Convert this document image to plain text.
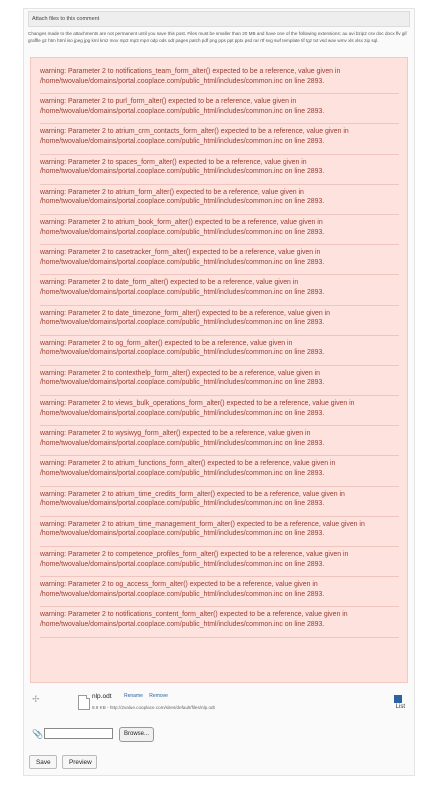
Attach files to this comment
Changes made to the attachments are not permanent until you save this post. Files must be smaller than 20 MB and have one of the following extensions: au avi bzip2 csv doc docx flv gif graffle gz htm html iso jpeg jpg kml kmz mov mp2 mp3 mp4 odp ods odt pages patch pdf png pps ppt pptx psd rar rtf svg swf template tif tgz txt vsd wav wmv xls xlsx zip sql.
warning: Parameter 2 to notifications_team_form_alter() expected to be a reference, value given in /home/twovalue/domains/portal.cooplace.com/public_html/includes/common.inc on line 2893.
warning: Parameter 2 to purl_form_alter() expected to be a reference, value given in /home/twovalue/domains/portal.cooplace.com/public_html/includes/common.inc on line 2893.
warning: Parameter 2 to atrium_crm_contacts_form_alter() expected to be a reference, value given in /home/twovalue/domains/portal.cooplace.com/public_html/includes/common.inc on line 2893.
warning: Parameter 2 to spaces_form_alter() expected to be a reference, value given in /home/twovalue/domains/portal.cooplace.com/public_html/includes/common.inc on line 2893.
warning: Parameter 2 to atrium_form_alter() expected to be a reference, value given in /home/twovalue/domains/portal.cooplace.com/public_html/includes/common.inc on line 2893.
warning: Parameter 2 to atrium_book_form_alter() expected to be a reference, value given in /home/twovalue/domains/portal.cooplace.com/public_html/includes/common.inc on line 2893.
warning: Parameter 2 to casetracker_form_alter() expected to be a reference, value given in /home/twovalue/domains/portal.cooplace.com/public_html/includes/common.inc on line 2893.
warning: Parameter 2 to date_form_alter() expected to be a reference, value given in /home/twovalue/domains/portal.cooplace.com/public_html/includes/common.inc on line 2893.
warning: Parameter 2 to date_timezone_form_alter() expected to be a reference, value given in /home/twovalue/domains/portal.cooplace.com/public_html/includes/common.inc on line 2893.
warning: Parameter 2 to og_form_alter() expected to be a reference, value given in /home/twovalue/domains/portal.cooplace.com/public_html/includes/common.inc on line 2893.
warning: Parameter 2 to contexthelp_form_alter() expected to be a reference, value given in /home/twovalue/domains/portal.cooplace.com/public_html/includes/common.inc on line 2893.
warning: Parameter 2 to views_bulk_operations_form_alter() expected to be a reference, value given in /home/twovalue/domains/portal.cooplace.com/public_html/includes/common.inc on line 2893.
warning: Parameter 2 to wysiwyg_form_alter() expected to be a reference, value given in /home/twovalue/domains/portal.cooplace.com/public_html/includes/common.inc on line 2893.
warning: Parameter 2 to atrium_functions_form_alter() expected to be a reference, value given in /home/twovalue/domains/portal.cooplace.com/public_html/includes/common.inc on line 2893.
warning: Parameter 2 to atrium_time_credits_form_alter() expected to be a reference, value given in /home/twovalue/domains/portal.cooplace.com/public_html/includes/common.inc on line 2893.
warning: Parameter 2 to atrium_time_management_form_alter() expected to be a reference, value given in /home/twovalue/domains/portal.cooplace.com/public_html/includes/common.inc on line 2893.
warning: Parameter 2 to competence_profiles_form_alter() expected to be a reference, value given in /home/twovalue/domains/portal.cooplace.com/public_html/includes/common.inc on line 2893.
warning: Parameter 2 to og_access_form_alter() expected to be a reference, value given in /home/twovalue/domains/portal.cooplace.com/public_html/includes/common.inc on line 2893.
warning: Parameter 2 to notifications_content_form_alter() expected to be a reference, value given in /home/twovalue/domains/portal.cooplace.com/public_html/includes/common.inc on line 2893.
✢	nlp.odt Rename Remove
8.8 KB - http://2value.cooplace.com/sites/default/files/nlp.odt	List
📎	Browse...
Save	Preview
